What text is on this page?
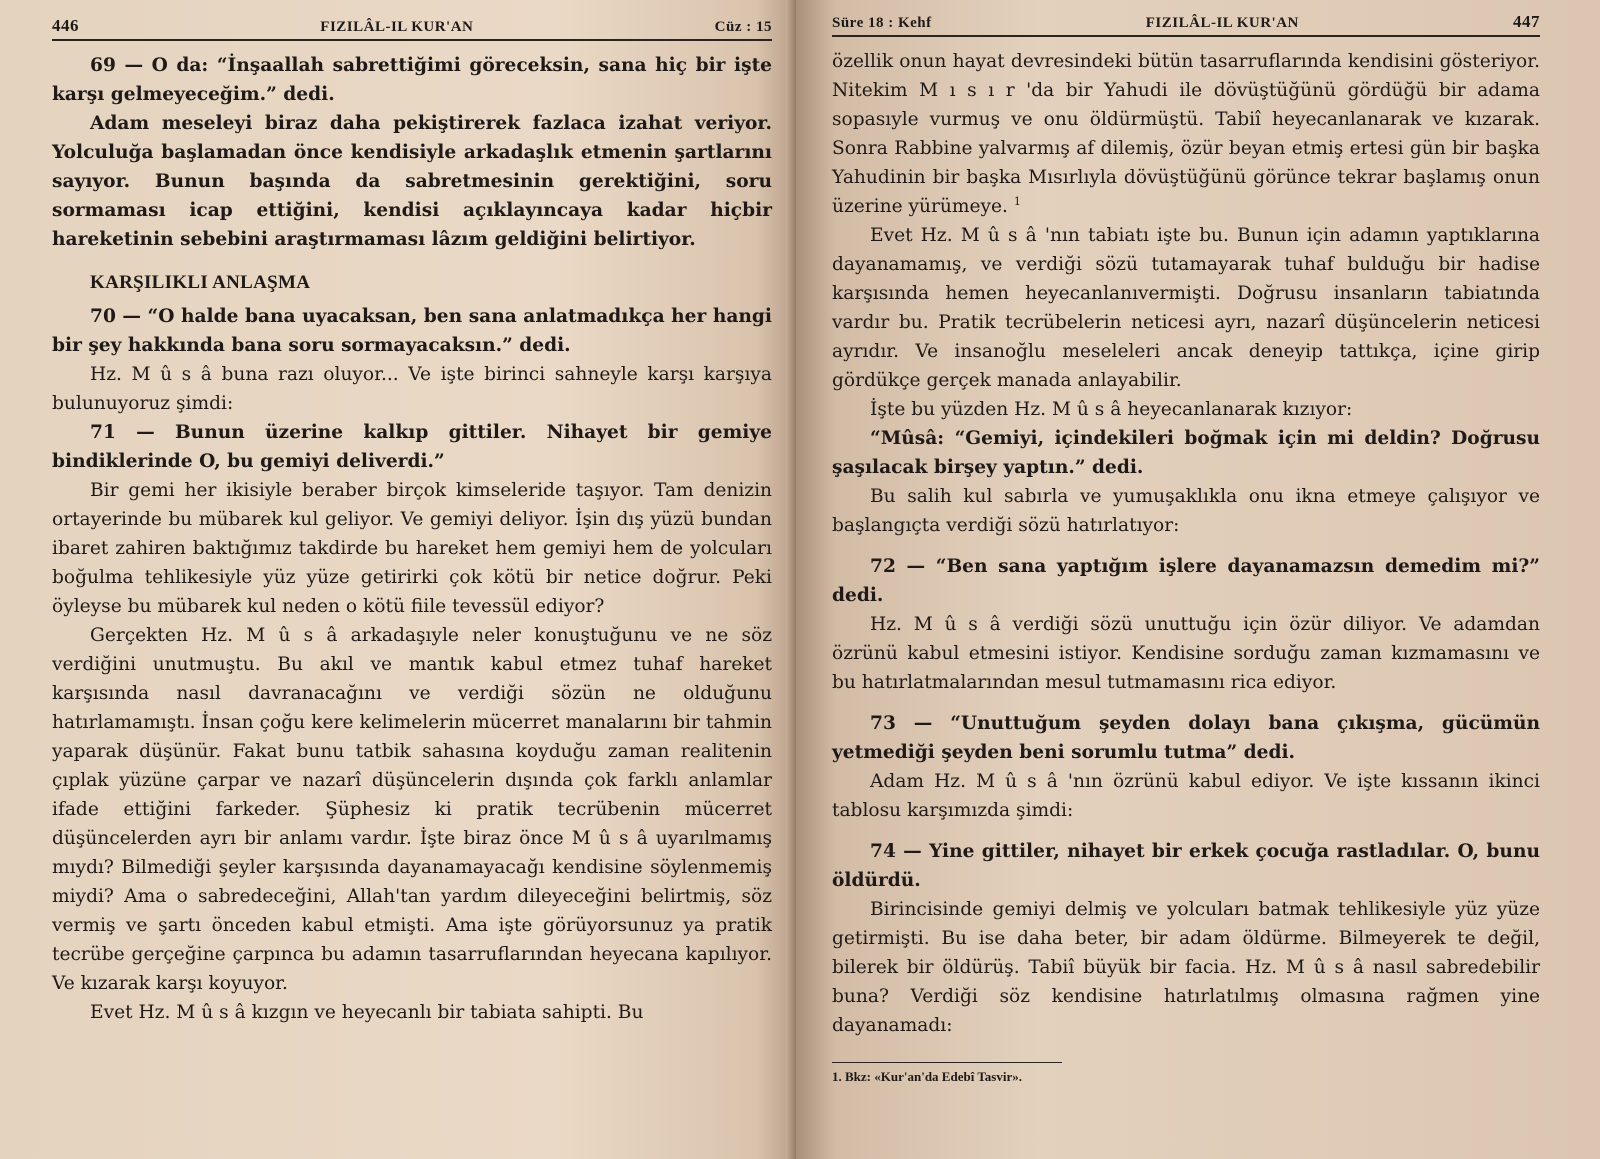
446	FIZILÂL-IL KUR'AN	Cüz : 15

69 — O da: “İnşaallah sabrettiğimi göreceksin, sana hiç bir işte karşı gelmeyeceğim.” dedi.

Adam meseleyi biraz daha pekiştirerek fazlaca izahat veriyor. Yolculuğa başlamadan önce kendisiyle arkadaşlık etmenin şartlarını sayıyor. Bunun başında da sabretmesinin gerektiğini, soru sormaması icap ettiğini, kendisi açıklayıncaya kadar hiçbir hareketinin sebebini araştırmaması lâzım geldiğini belirtiyor.

KARŞILIKLI ANLAŞMA

70 — “O halde bana uyacaksan, ben sana anlatmadıkça her hangi bir şey hakkında bana soru sormayacaksın.” dedi.

Hz. M û s â buna razı oluyor... Ve işte birinci sahneyle karşı karşıya bulunuyoruz şimdi:

71 — Bunun üzerine kalkıp gittiler. Nihayet bir gemiye bindiklerinde O, bu gemiyi deliverdi.”

Bir gemi her ikisiyle beraber birçok kimseleride taşıyor. Tam denizin ortayerinde bu mübarek kul geliyor. Ve gemiyi deliyor. İşin dış yüzü bundan ibaret zahiren baktığımız takdirde bu hareket hem gemiyi hem de yolcuları boğulma tehlikesiyle yüz yüze getirirki çok kötü bir netice doğrur. Peki öyleyse bu mübarek kul neden o kötü fiile tevessül ediyor?

Gerçekten Hz. M û s â arkadaşıyle neler konuştuğunu ve ne söz verdiğini unutmuştu. Bu akıl ve mantık kabul etmez tuhaf hareket karşısında nasıl davranacağını ve verdiği sözün ne olduğunu hatırlamamıştı. İnsan çoğu kere kelimelerin mücerret manalarını bir tahmin yaparak düşünür. Fakat bunu tatbik sahasına koyduğu zaman realitenin çıplak yüzüne çarpar ve nazarî düşüncelerin dışında çok farklı anlamlar ifade ettiğini farkeder. Şüphesiz ki pratik tecrübenin mücerret düşüncelerden ayrı bir anlamı vardır. İşte biraz önce M û s â uyarılmamış mıydı? Bilmediği şeyler karşısında dayanamayacağı kendisine söylenmemiş miydi? Ama o sabredeceğini, Allah'tan yardım dileyeceğini belirtmiş, söz vermiş ve şartı önceden kabul etmişti. Ama işte görüyorsunuz ya pratik tecrübe gerçeğine çarpınca bu adamın tasarruflarından heyecana kapılıyor. Ve kızarak karşı koyuyor.

Evet Hz. M û s â kızgın ve heyecanlı bir tabiata sahipti. Bu

Süre 18 : Kehf	FIZILÂL-IL KUR'AN	447

özellik onun hayat devresindeki bütün tasarruflarında kendisini gösteriyor. Nitekim M ı s ı r 'da bir Yahudi ile dövüştüğünü gördüğü bir adama sopasıyle vurmuş ve onu öldürmüştü. Tabiî heyecanlanarak ve kızarak. Sonra Rabbine yalvarmış af dilemiş, özür beyan etmiş ertesi gün bir başka Yahudinin bir başka Mısırlıyla dövüştüğünü görünce tekrar başlamış onun üzerine yürümeye. $^1$

Evet Hz. M û s â 'nın tabiatı işte bu. Bunun için adamın yaptıklarına dayanamamış, ve verdiği sözü tutamayarak tuhaf bulduğu bir hadise karşısında hemen heyecanlanıvermişti. Doğrusu insanların tabiatında vardır bu. Pratik tecrübelerin neticesi ayrı, nazarî düşüncelerin neticesi ayrıdır. Ve insanoğlu meseleleri ancak deneyip tattıkça, içine girip gördükçe gerçek manada anlayabilir.

İşte bu yüzden Hz. M û s â heyecanlanarak kızıyor:

“Mûsâ: “Gemiyi, içindekileri boğmak için mi deldin? Doğrusu şaşılacak birşey yaptın.” dedi.

Bu salih kul sabırla ve yumuşaklıkla onu ikna etmeye çalışıyor ve başlangıçta verdiği sözü hatırlatıyor:

72 — “Ben sana yaptığım işlere dayanamazsın demedim mi?” dedi.

Hz. M û s â verdiği sözü unuttuğu için özür diliyor. Ve adamdan özrünü kabul etmesini istiyor. Kendisine sorduğu zaman kızmamasını ve bu hatırlatmalarından mesul tutmamasını rica ediyor.

73 — “Unuttuğum şeyden dolayı bana çıkışma, gücümün yetmediği şeyden beni sorumlu tutma” dedi.

Adam Hz. M û s â 'nın özrünü kabul ediyor. Ve işte kıssanın ikinci tablosu karşımızda şimdi:

74 — Yine gittiler, nihayet bir erkek çocuğa rastladılar. O, bunu öldürdü.

Birincisinde gemiyi delmiş ve yolcuları batmak tehlikesiyle yüz yüze getirmişti. Bu ise daha beter, bir adam öldürme. Bilmeyerek te değil, bilerek bir öldürüş. Tabiî büyük bir facia. Hz. M û s â nasıl sabredebilir buna? Verdiği söz kendisine hatırlatılmış olmasına rağmen yine dayanamadı:

1. Bkz: «Kur'an'da Edebî Tasvir».
